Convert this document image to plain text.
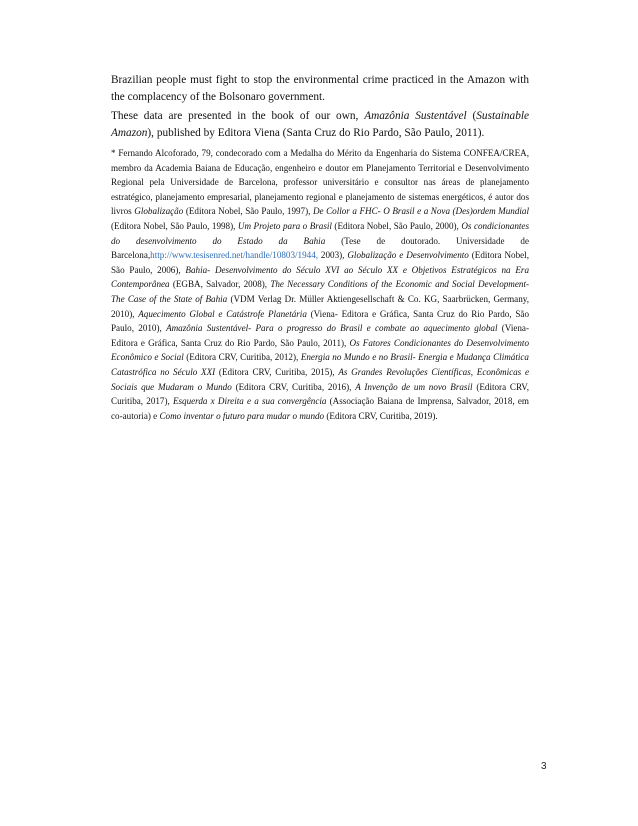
Brazilian people must fight to stop the environmental crime practiced in the Amazon with the complacency of the Bolsonaro government.

These data are presented in the book of our own, Amazônia Sustentável (Sustainable Amazon), published by Editora Viena (Santa Cruz do Rio Pardo, São Paulo, 2011).

* Fernando Alcoforado, 79, condecorado com a Medalha do Mérito da Engenharia do Sistema CONFEA/CREA, membro da Academia Baiana de Educação, engenheiro e doutor em Planejamento Territorial e Desenvolvimento Regional pela Universidade de Barcelona, professor universitário e consultor nas áreas de planejamento estratégico, planejamento empresarial, planejamento regional e planejamento de sistemas energéticos, é autor dos livros Globalização (Editora Nobel, São Paulo, 1997), De Collor a FHC- O Brasil e a Nova (Des)ordem Mundial (Editora Nobel, São Paulo, 1998), Um Projeto para o Brasil (Editora Nobel, São Paulo, 2000), Os condicionantes do desenvolvimento do Estado da Bahia (Tese de doutorado. Universidade de Barcelona,http://www.tesisenred.net/handle/10803/1944, 2003), Globalização e Desenvolvimento (Editora Nobel, São Paulo, 2006), Bahia- Desenvolvimento do Século XVI ao Século XX e Objetivos Estratégicos na Era Contemporânea (EGBA, Salvador, 2008), The Necessary Conditions of the Economic and Social Development- The Case of the State of Bahia (VDM Verlag Dr. Müller Aktiengesellschaft & Co. KG, Saarbrücken, Germany, 2010), Aquecimento Global e Catástrofe Planetária (Viena- Editora e Gráfica, Santa Cruz do Rio Pardo, São Paulo, 2010), Amazônia Sustentável- Para o progresso do Brasil e combate ao aquecimento global (Viena- Editora e Gráfica, Santa Cruz do Rio Pardo, São Paulo, 2011), Os Fatores Condicionantes do Desenvolvimento Econômico e Social (Editora CRV, Curitiba, 2012), Energia no Mundo e no Brasil- Energia e Mudança Climática Catastrófica no Século XXI (Editora CRV, Curitiba, 2015), As Grandes Revoluções Científicas, Econômicas e Sociais que Mudaram o Mundo (Editora CRV, Curitiba, 2016), A Invenção de um novo Brasil (Editora CRV, Curitiba, 2017), Esquerda x Direita e a sua convergência (Associação Baiana de Imprensa, Salvador, 2018, em co-autoria) e Como inventar o futuro para mudar o mundo (Editora CRV, Curitiba, 2019).

3
